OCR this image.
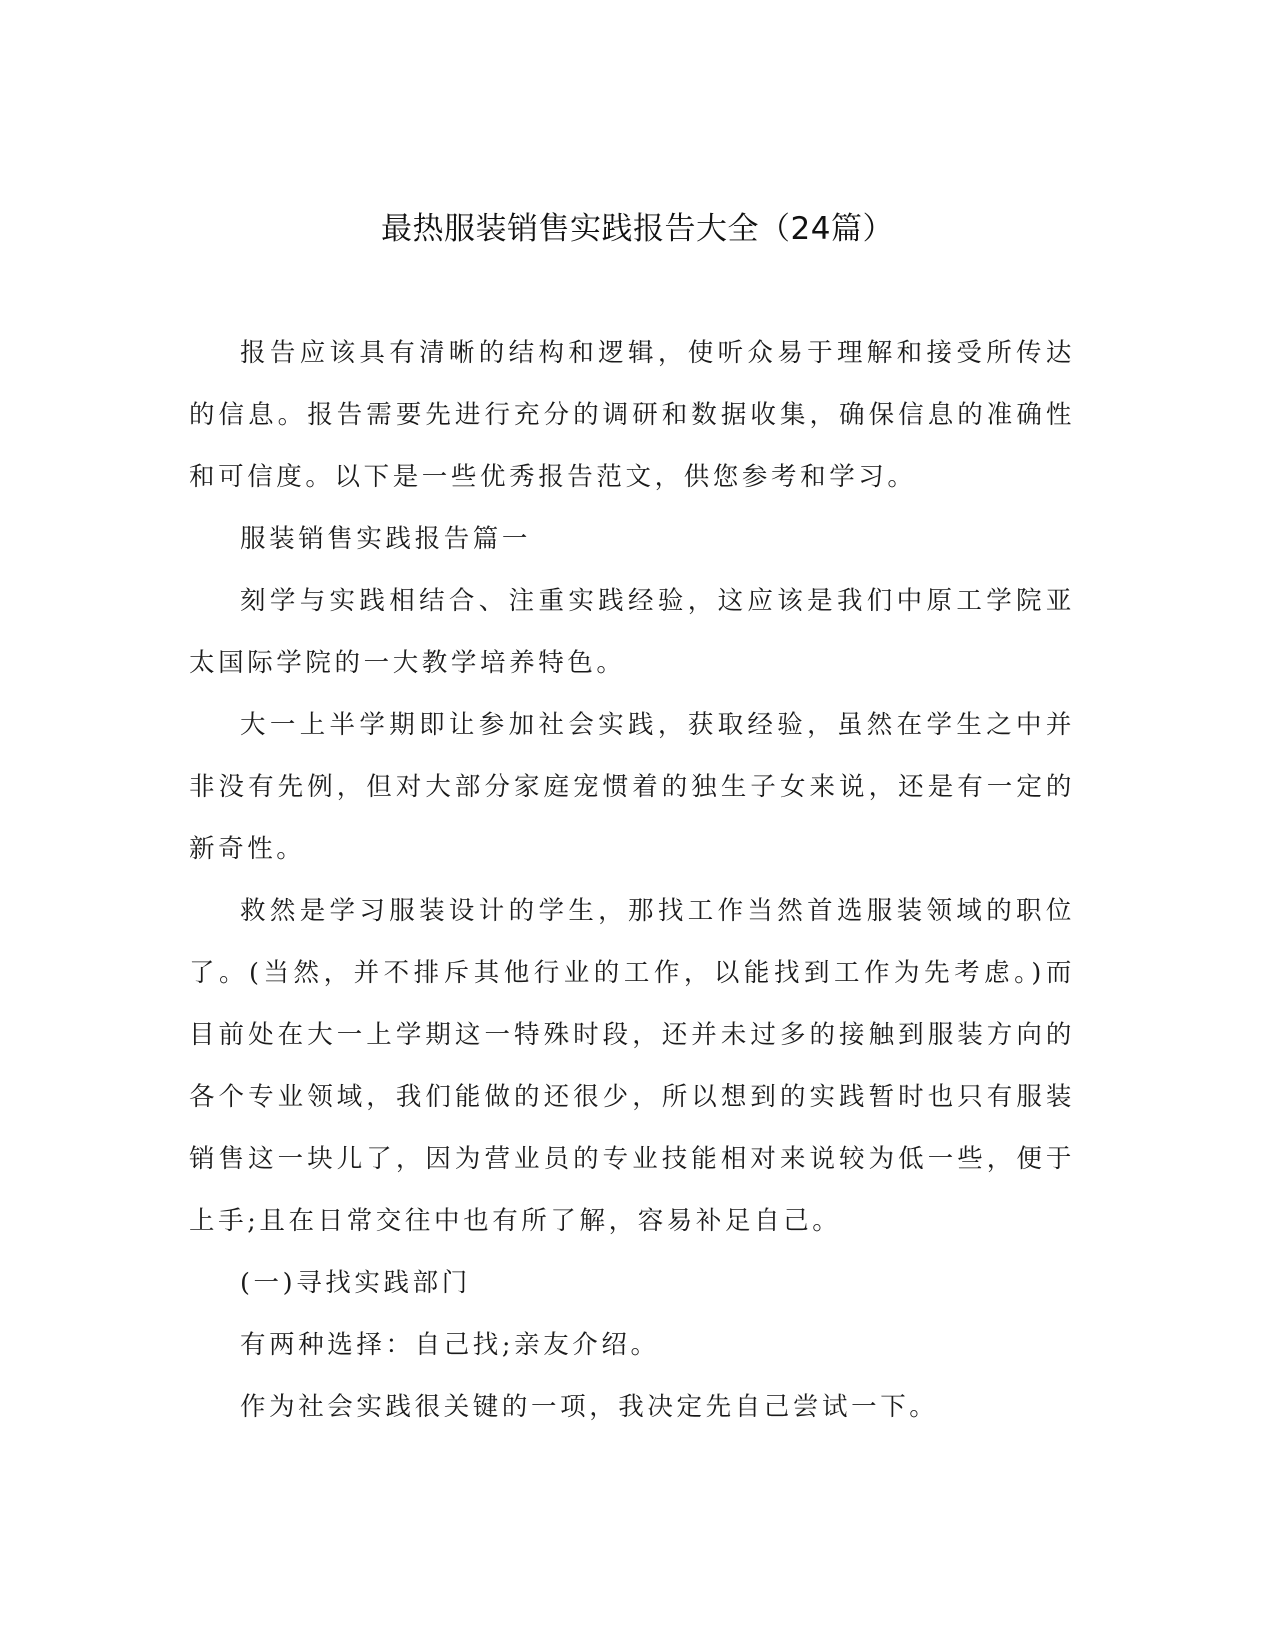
最热服装销售实践报告大全（24篇）

报告应该具有清晰的结构和逻辑，使听众易于理解和接受所传达的信息。报告需要先进行充分的调研和数据收集，确保信息的准确性和可信度。以下是一些优秀报告范文，供您参考和学习。

服装销售实践报告篇一

刻学与实践相结合、注重实践经验，这应该是我们中原工学院亚太国际学院的一大教学培养特色。

大一上半学期即让参加社会实践，获取经验，虽然在学生之中并非没有先例，但对大部分家庭宠惯着的独生子女来说，还是有一定的新奇性。

救然是学习服装设计的学生，那找工作当然首选服装领域的职位了。(当然，并不排斥其他行业的工作，以能找到工作为先考虑。)而目前处在大一上学期这一特殊时段，还并未过多的接触到服装方向的各个专业领域，我们能做的还很少，所以想到的实践暂时也只有服装销售这一块儿了，因为营业员的专业技能相对来说较为低一些，便于上手;且在日常交往中也有所了解，容易补足自己。

(一)寻找实践部门

有两种选择：自己找;亲友介绍。

作为社会实践很关键的一项，我决定先自己尝试一下。
